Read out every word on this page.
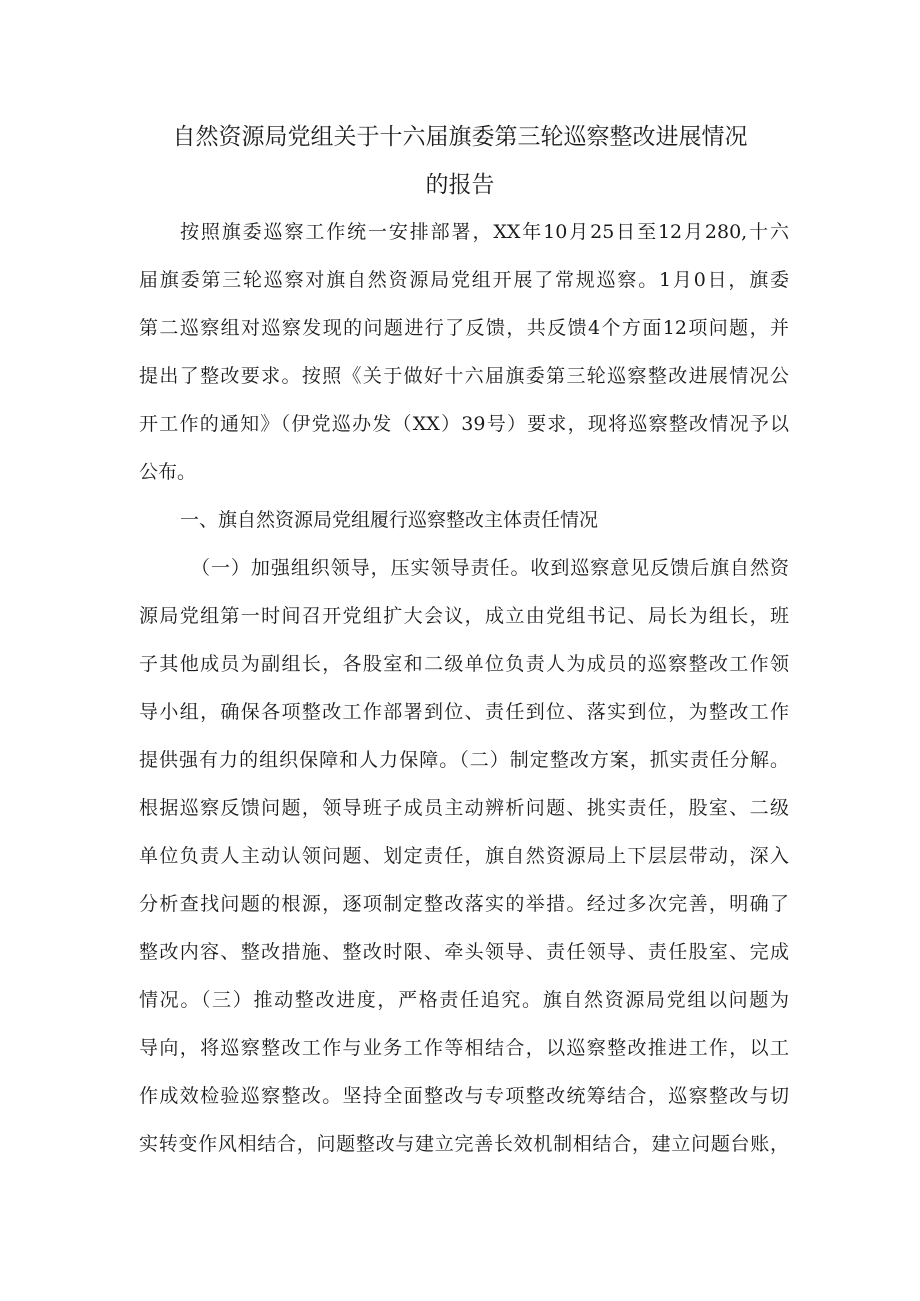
自然资源局党组关于十六届旗委第三轮巡察整改进展情况
的报告
按照旗委巡察工作统一安排部署，XX年10月25日至12月280,十六
届旗委第三轮巡察对旗自然资源局党组开展了常规巡察。1月0日，旗委
第二巡察组对巡察发现的问题进行了反馈，共反馈4个方面12项问题，并
提出了整改要求。按照《关于做好十六届旗委第三轮巡察整改进展情况公
开工作的通知》（伊党巡办发（XX）39号）要求，现将巡察整改情况予以
公布。
一、旗自然资源局党组履行巡察整改主体责任情况
（一）加强组织领导，压实领导责任。收到巡察意见反馈后旗自然资
源局党组第一时间召开党组扩大会议，成立由党组书记、局长为组长，班
子其他成员为副组长，各股室和二级单位负责人为成员的巡察整改工作领
导小组，确保各项整改工作部署到位、责任到位、落实到位，为整改工作
提供强有力的组织保障和人力保障。（二）制定整改方案，抓实责任分解。
根据巡察反馈问题，领导班子成员主动辨析问题、挑实责任，股室、二级
单位负责人主动认领问题、划定责任，旗自然资源局上下层层带动，深入
分析查找问题的根源，逐项制定整改落实的举措。经过多次完善，明确了
整改内容、整改措施、整改时限、牵头领导、责任领导、责任股室、完成
情况。（三）推动整改进度，严格责任追究。旗自然资源局党组以问题为
导向，将巡察整改工作与业务工作等相结合，以巡察整改推进工作，以工
作成效检验巡察整改。坚持全面整改与专项整改统筹结合，巡察整改与切
实转变作风相结合，问题整改与建立完善长效机制相结合，建立问题台账，
